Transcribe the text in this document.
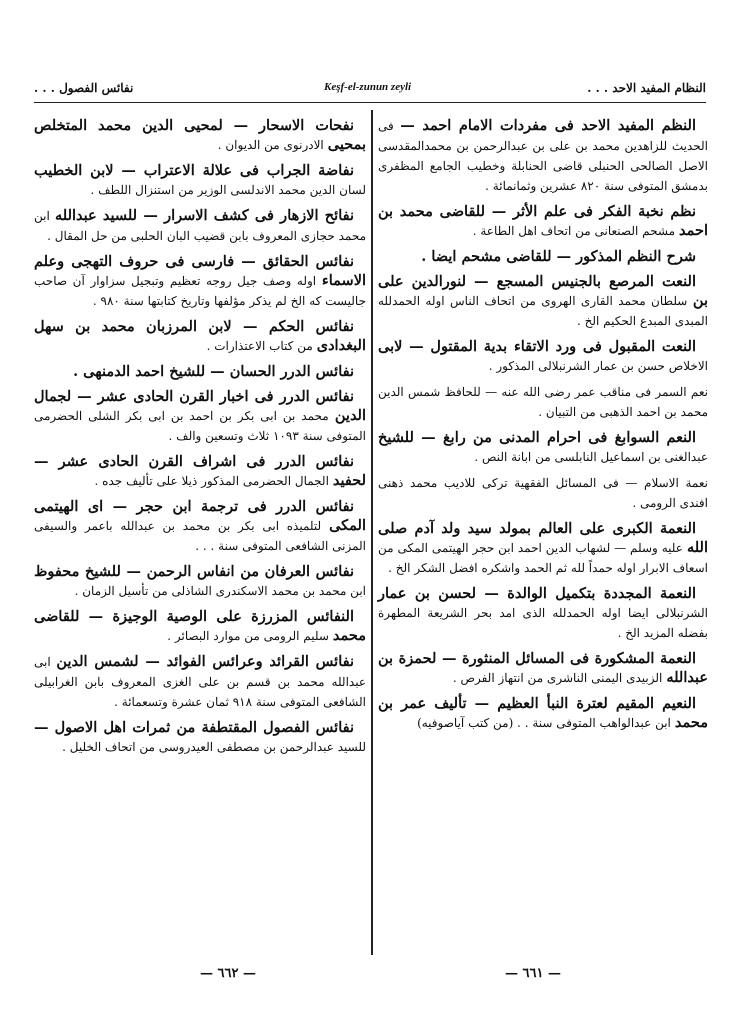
النظام المفيد الاحد . . .
Keşf-el-zunun zeyli
نفائس الفصول . . .
النظم المفيد الاحد فى مفردات الامام احمد — فى الحديث للزاهدين محمد بن على بن عبدالرحمن بن محمدالمقدسى الاصل الصالحى الحنبلى قاضى الحنابلة وخطيب الجامع المظفرى بدمشق المتوفى سنة ٨٢٠ عشرين وثمانمائة .
نظم نخبة الفكر فى علم الأثر — للقاضى محمد بن احمد مشحم الصنعانى من اتحاف اهل الطاعة .
شرح النظم المذكور — للقاضى مشحم ايضا .
النعت المرصع بالجنيس المسجع — لنورالدين على بن سلطان محمد القارى الهروى من اتحاف الناس اوله الحمدلله المبدى المبدع الحكيم الخ .
النعت المقبول فى ورد الاتقاء بدية المقتول — لابى الاخلاص حسن بن عمار الشرنبلالى المذكور .
نعم السمر فى مناقب عمر رضى الله عنه — للحافظ شمس الدين محمد بن احمد الذهبى من التبيان .
النعم السوابغ فى احرام المدنى من رابغ — للشيخ عبدالغنى بن اسماعيل النابلسى من ابانة النص .
نعمة الاسلام — فى المسائل الفقهية تركى للاديب محمد ذهنى افندى الرومى .
النعمة الكبرى على العالم بمولد سيد ولد آدم صلى الله عليه وسلم — لشهاب الدين احمد ابن حجر الهيتمى المكى من اسعاف الابرار اوله حمداً لله ثم الحمد واشكره افضل الشكر الخ .
النعمة المجددة بتكميل الوالدة — لحسن بن عمار الشرنبلالى ايضا اوله الحمدلله الذى امد بحر الشريعة المطهرة بفضله المزيد الخ .
النعمة المشكورة فى المسائل المنثورة — لحمزة بن عبدالله الزبيدى اليمنى الناشرى من انتهاز الفرص .
النعيم المقيم لعترة النبأ العظيم — تأليف عمر بن محمد ابن عبدالواهب المتوفى سنة . . (من كتب آياصوفيه)
نفحات الاسحار — لمحيى الدين محمد المتخلص بمحيى الادرنوى من الديوان .
نفاضة الجراب فى علالة الاعتراب — لابن الخطيب لسان الدين محمد الاندلسى الوزير من استنزال اللطف .
نفائح الازهار فى كشف الاسرار — للسيد عبدالله ابن محمد حجازى المعروف بابن قضيب البان الحلبى من حل المقال .
نفائس الحقائق — فارسى فى حروف التهجى وعلم الاسماء اوله وصف جيل روجه تعظيم وتبجيل سزاوار آن صاحب جاليست كه الخ لم يذكر مؤلفها وتاريخ كتابتها سنة ٩٨٠ .
نفائس الحكم — لابن المرزبان محمد بن سهل البغدادى من كتاب الاعتذارات .
نفائس الدرر الحسان — للشيخ احمد الدمنهى .
نفائس الدرر فى اخبار القرن الحادى عشر — لجمال الدين محمد بن ابى بكر بن احمد بن ابى بكر الشلى الحضرمى المتوفى سنة ١٠٩٣ ثلاث وتسعين والف .
نفائس الدرر فى اشراف القرن الحادى عشر — لحفيد الجمال الحضرمى المذكور ذيلا على تأليف جده .
نفائس الدرر فى ترجمة ابن حجر — اى الهيتمى المكى لتلميذه ابى بكر بن محمد بن عبدالله باعمر والسيفى المزنى الشافعى المتوفى سنة . . .
نفائس العرفان من انفاس الرحمن — للشيخ محفوظ ابن محمد بن محمد الاسكندرى الشاذلى من تأسيل الزمان .
النفائس المزرزة على الوصية الوجيزة — للقاضى محمد سليم الرومى من موارد البصائر .
نفائس القرائد وعرائس الفوائد — لشمس الدين ابى عبدالله محمد بن قسم بن على الغزى المعروف بابن الغرابيلى الشافعى المتوفى سنة ٩١٨ ثمان عشرة وتسعمائة .
نفائس الفصول المقتطفة من ثمرات اهل الاصول — للسيد عبدالرحمن بن مصطفى العيدروسى من اتحاف الخليل .
— ٦٦١ —
— ٦٦٢ —
